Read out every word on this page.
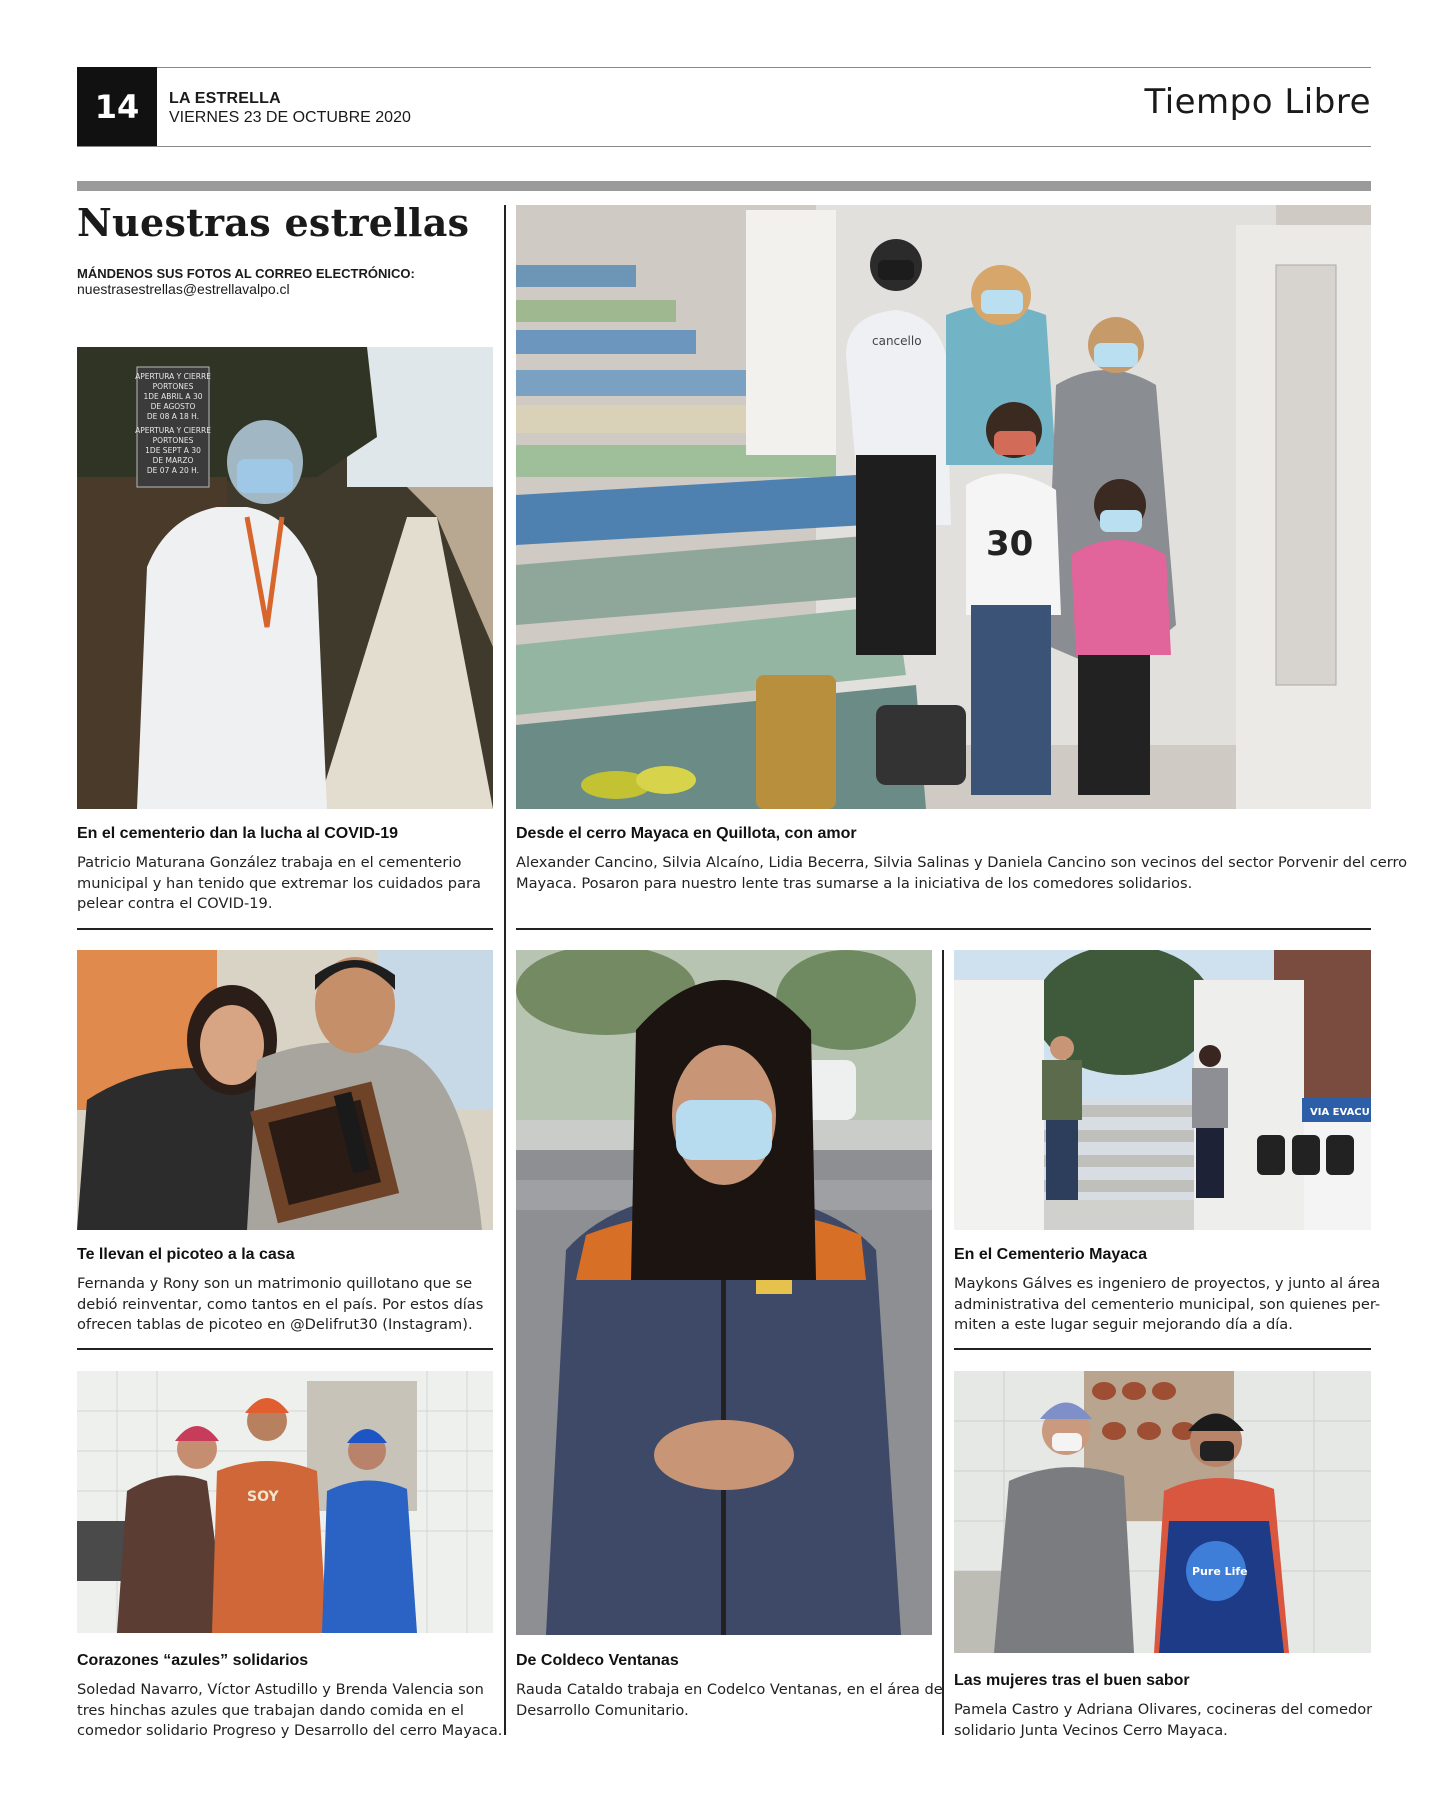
14	LA ESTRELLA
VIERNES 23 DE OCTUBRE 2020	Tiempo Libre
Nuestras estrellas
MÁNDENOS SUS FOTOS AL CORREO ELECTRÓNICO:
nuestrasestrellas@estrellavalpo.cl
APERTURA Y CIERRE
PORTONES
1DE ABRIL A 30
DE AGOSTO
DE 08 A 18 H.
APERTURA Y CIERRE
PORTONES
1DE SEPT A 30
DE MARZO
DE 07 A 20 H.
En el cementerio dan la lucha al COVID-19
Patricio Maturana González trabaja en el cementerio
municipal y han tenido que extremar los cuidados para
pelear contra el COVID-19.
cancello
30
Desde el cerro Mayaca en Quillota, con amor
Alexander Cancino, Silvia Alcaíno, Lidia Becerra, Silvia Salinas y Daniela Cancino son vecinos del sector Porvenir del cerro
Mayaca. Posaron para nuestro lente tras sumarse a la iniciativa de los comedores solidarios.
Te llevan el picoteo a la casa
Fernanda y Rony son un matrimonio quillotano que se
debió reinventar, como tantos en el país. Por estos días
ofrecen tablas de picoteo en @Delifrut30 (Instagram).
De Coldeco Ventanas
Rauda Cataldo trabaja en Codelco Ventanas, en el área de
Desarrollo Comunitario.
VIA EVACU
En el Cementerio Mayaca
Maykons Gálves es ingeniero de proyectos, y junto al área
administrativa del cementerio municipal, son quienes per-
miten a este lugar seguir mejorando día a día.
SOY
Corazones “azules” solidarios
Soledad Navarro, Víctor Astudillo y Brenda Valencia son
tres hinchas azules que trabajan dando comida en el
comedor solidario Progreso y Desarrollo del cerro Mayaca.
Pure Life
Las mujeres tras el buen sabor
Pamela Castro y Adriana Olivares, cocineras del comedor
solidario Junta Vecinos Cerro Mayaca.
